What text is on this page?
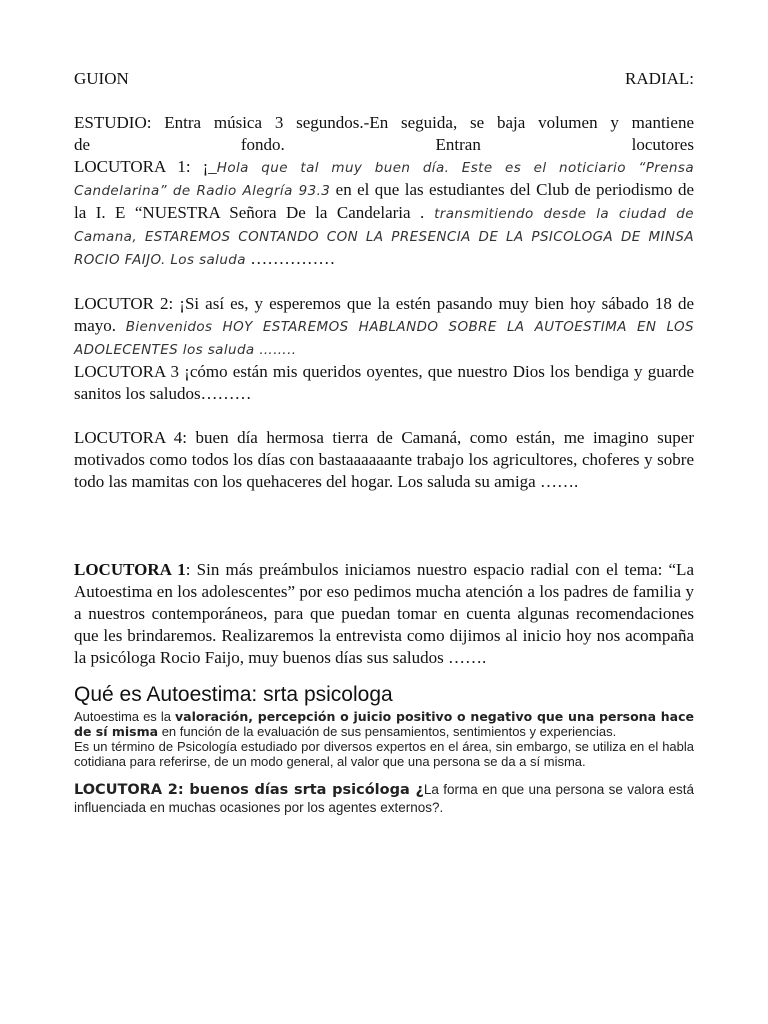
GUION	RADIAL:
ESTUDIO: Entra música 3 segundos.-En seguida, se baja volumen y mantiene
de	fondo.	Entran	locutores
LOCUTORA 1: ¡_Hola que tal muy buen día. Este es el noticiario “Prensa Candelarina” de Radio Alegría 93.3 en el que las estudiantes del Club de periodismo de la I. E “NUESTRA Señora De la Candelaria . transmitiendo desde la ciudad de Camana, ESTAREMOS CONTANDO CON LA PRESENCIA DE LA PSICOLOGA DE MINSA ROCIO FAIJO. Los saluda ……………
LOCUTOR 2: ¡Si así es, y esperemos que la estén pasando muy bien hoy sábado 18 de mayo. Bienvenidos HOY ESTAREMOS HABLANDO SOBRE LA AUTOESTIMA EN LOS ADOLECENTES los saluda ……..
LOCUTORA 3 ¡cómo están mis queridos oyentes, que nuestro Dios los bendiga y guarde sanitos los saludos………
LOCUTORA 4: buen día hermosa tierra de Camaná, como están, me imagino super motivados como todos los días con bastaaaaaante trabajo los agricultores, choferes y sobre todo las mamitas con los quehaceres del hogar. Los saluda su amiga …….
LOCUTORA 1: Sin más preámbulos iniciamos nuestro espacio radial con el tema: “La Autoestima en los adolescentes” por eso pedimos mucha atención a los padres de familia y a nuestros contemporáneos, para que puedan tomar en cuenta algunas recomendaciones que les brindaremos. Realizaremos la entrevista como dijimos al inicio hoy nos acompaña la psicóloga Rocio Faijo, muy buenos días sus saludos …….
Qué es Autoestima: srta psicologa
Autoestima es la valoración, percepción o juicio positivo o negativo que una persona hace de sí misma en función de la evaluación de sus pensamientos, sentimientos y experiencias.
Es un término de Psicología estudiado por diversos expertos en el área, sin embargo, se utiliza en el habla cotidiana para referirse, de un modo general, al valor que una persona se da a sí misma.
LOCUTORA 2: buenos días srta psicóloga ¿La forma en que una persona se valora está influenciada en muchas ocasiones por los agentes externos?.
